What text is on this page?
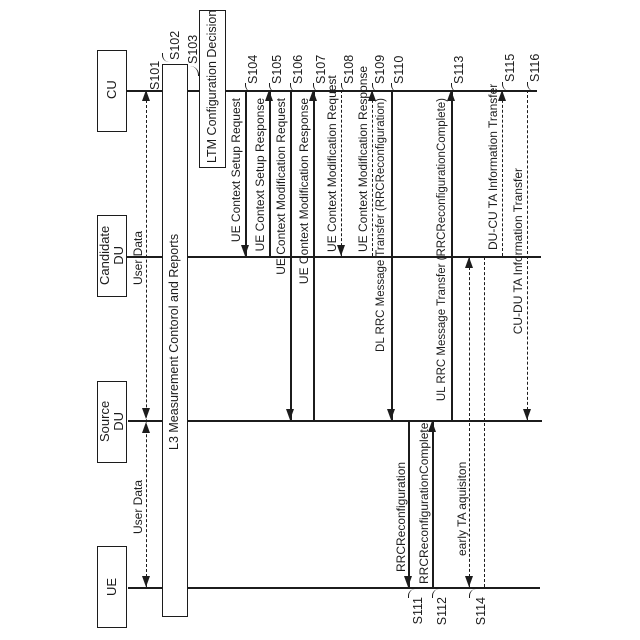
CU
Candidate
DU
Source
DU
UE
User Data
User Data
S101
L3 Measurement Contorol and Reports
S102 LTM Configuration Decision
S103
UE Context Setup Request
S104
UE Context Setup Response
S105
UE Context Modification Request
S106
UE Context Modification Response
S107
UE Context Modification Request
S108 UE Context Modification Response S109
DL RRC Message Transfer (RRCReconfiguration)
S110
RRCReconfiguration
S111
RRCReconfigurationComplete
S112
UL RRC Message Transfer (RRCReconfigurationComplete)
S113
early TA aquisiton
S114
DU-CU TA Information Transfer
S115
CU-DU TA Information Transfer
S116
